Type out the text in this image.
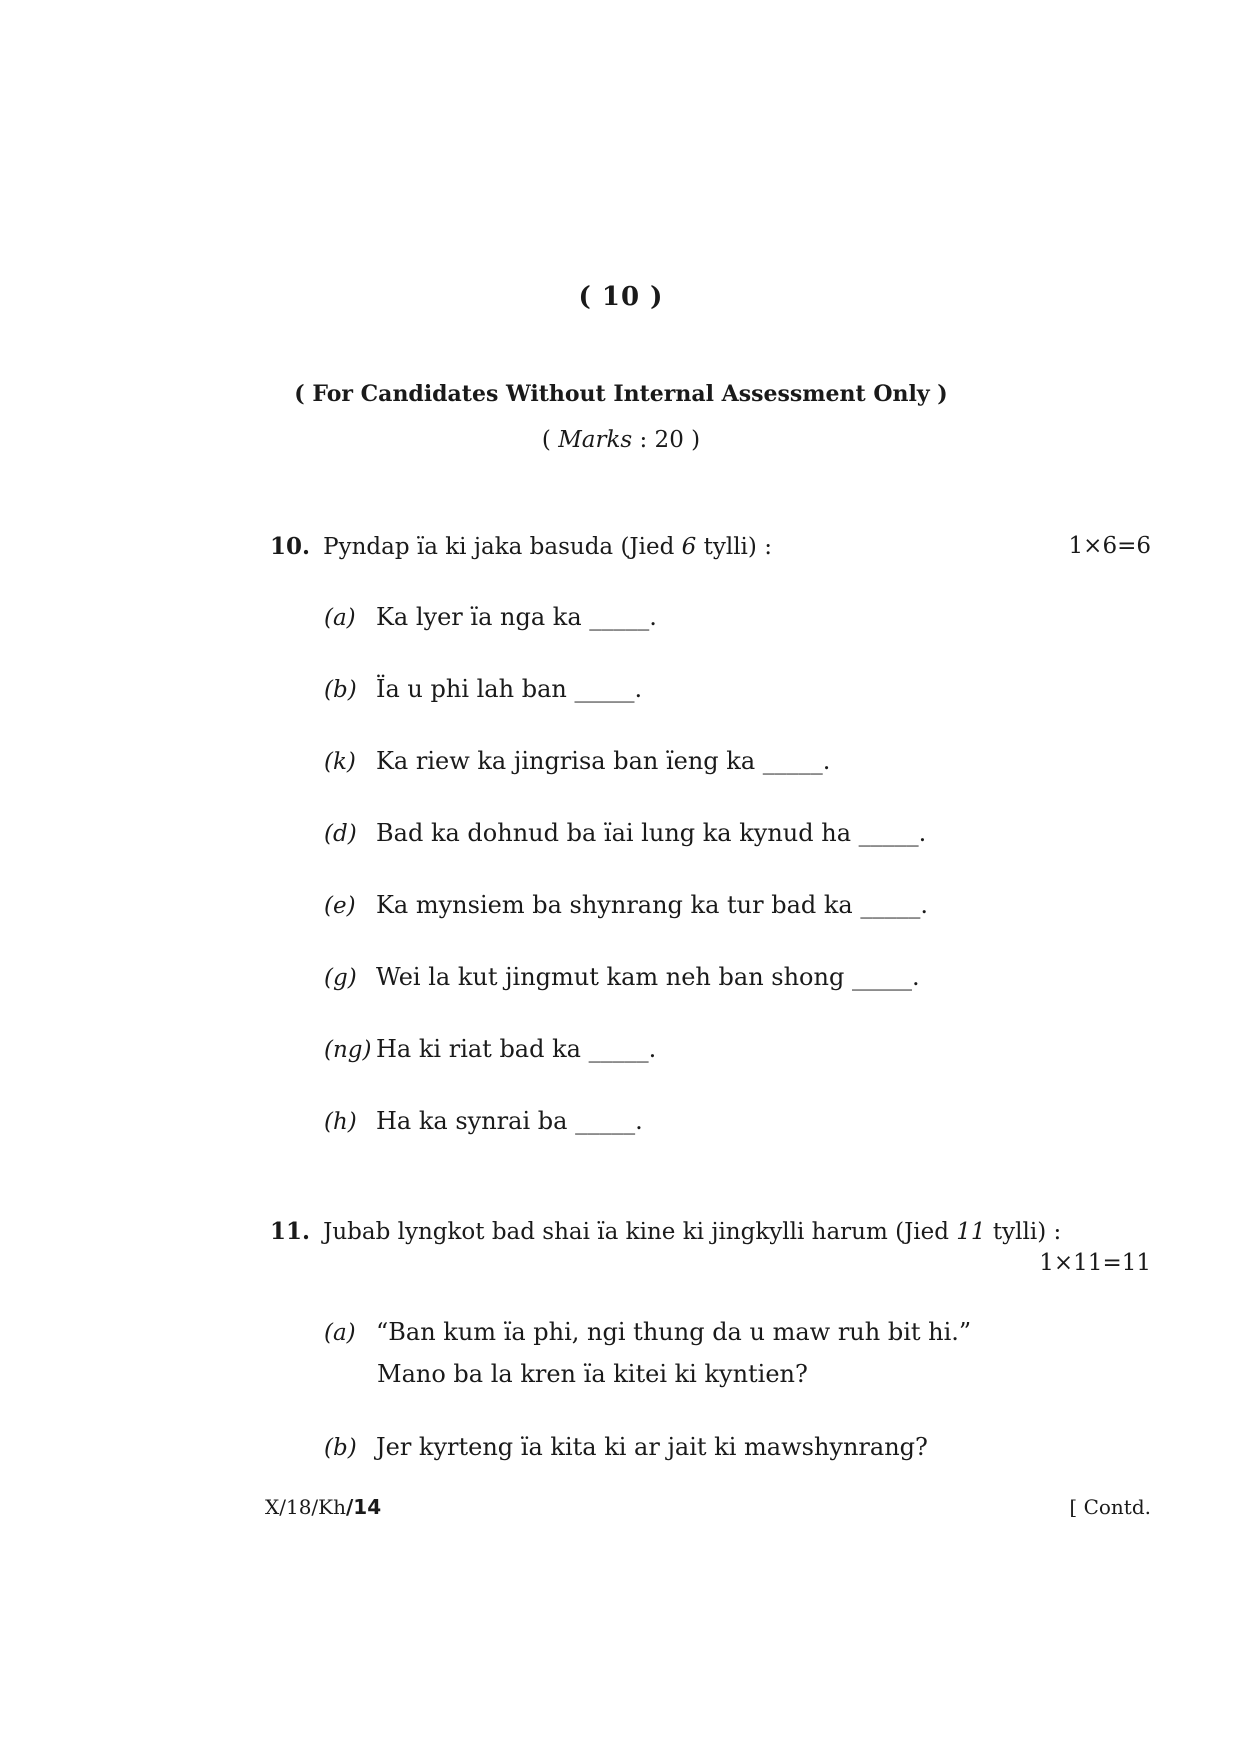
( 10 )
( For Candidates Without Internal Assessment Only )
( Marks : 20 )
10. Pyndap ïa ki jaka basuda (Jied 6 tylli) :	1×6=6
(a) Ka lyer ïa nga ka _____.
(b) Ïa u phi lah ban _____.
(k) Ka riew ka jingrisa ban ïeng ka _____.
(d) Bad ka dohnud ba ïai lung ka kynud ha _____.
(e) Ka mynsiem ba shynrang ka tur bad ka _____.
(g) Wei la kut jingmut kam neh ban shong _____.
(ng) Ha ki riat bad ka _____.
(h) Ha ka synrai ba _____.
11. Jubab lyngkot bad shai ïa kine ki jingkylli harum (Jied 11 tylli) :
1×11=11
(a) “Ban kum ïa phi, ngi thung da u maw ruh bit hi.”
Mano ba la kren ïa kitei ki kyntien?
(b) Jer kyrteng ïa kita ki ar jait ki mawshynrang?
X/18/Kh/14	[ Contd.
